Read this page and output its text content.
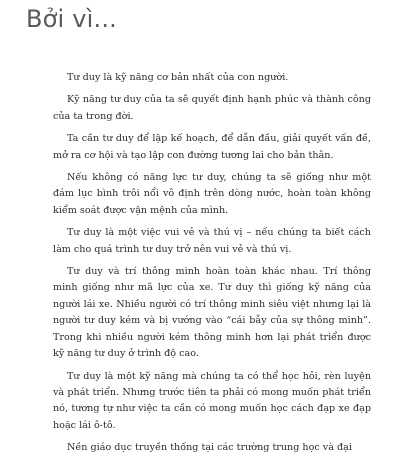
Bởi vì...

Tư duy là kỹ năng cơ bản nhất của con người.

Kỹ năng tư duy của ta sẽ quyết định hạnh phúc và thành công của ta trong đời.

Ta cần tư duy để lập kế hoạch, để dẫn đầu, giải quyết vấn đề, mở ra cơ hội và tạo lập con đường tương lai cho bản thân.

Nếu không có năng lực tư duy, chúng ta sẽ giống như một đám lục bình trôi nổi vô định trên dòng nước, hoàn toàn không kiểm soát được vận mệnh của mình.

Tư duy là một việc vui vẻ và thú vị – nếu chúng ta biết cách làm cho quá trình tư duy trở nên vui vẻ và thú vị.

Tư duy và trí thông minh hoàn toàn khác nhau. Trí thông minh giống như mã lực của xe. Tư duy thì giống kỹ năng của người lái xe. Nhiều người có trí thông minh siêu việt nhưng lại là người tư duy kém và bị vướng vào “cái bẫy của sự thông minh”. Trong khi nhiều người kém thông minh hơn lại phát triển được kỹ năng tư duy ở trình độ cao.

Tư duy là một kỹ năng mà chúng ta có thể học hỏi, rèn luyện và phát triển. Nhưng trước tiên ta phải có mong muốn phát triển nó, tương tự như việc ta cần có mong muốn học cách đạp xe đạp hoặc lái ô-tô.

Nền giáo dục truyền thống tại các trường trung học và đại
